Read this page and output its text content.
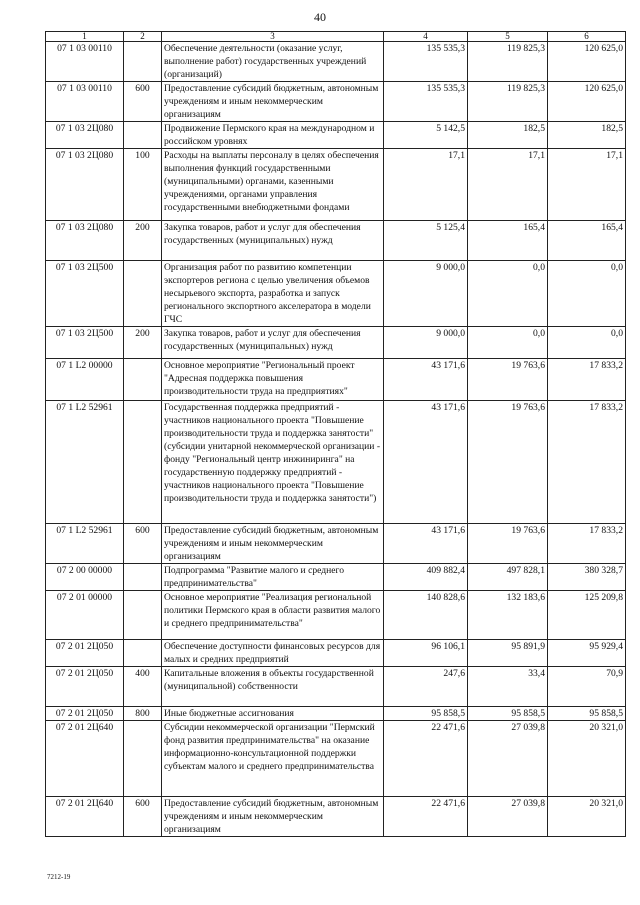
40
1	2	3	4	5	6
07 1 03 00110		Обеспечение деятельности (оказание услуг, выполнение работ) государственных учреждений (организаций)	135 535,3	119 825,3	120 625,0
07 1 03 00110	600	Предоставление субсидий бюджетным, автономным учреждениям и иным некоммерческим организациям	135 535,3	119 825,3	120 625,0
07 1 03 2Ц080		Продвижение Пермского края на международном и российском уровнях	5 142,5	182,5	182,5
07 1 03 2Ц080	100	Расходы на выплаты персоналу в целях обеспечения выполнения функций государственными (муниципальными) органами, казенными учреждениями, органами управления государственными внебюджетными фондами	17,1	17,1	17,1
07 1 03 2Ц080	200	Закупка товаров, работ и услуг для обеспечения государственных (муниципальных) нужд	5 125,4	165,4	165,4
07 1 03 2Ц500		Организация работ по развитию компетенции экспортеров региона с целью увеличения объемов несырьевого экспорта, разработка и запуск регионального экспортного акселератора в модели ГЧС	9 000,0	0,0	0,0
07 1 03 2Ц500	200	Закупка товаров, работ и услуг для обеспечения государственных (муниципальных) нужд	9 000,0	0,0	0,0
07 1 L2 00000		Основное мероприятие "Региональный проект "Адресная поддержка повышения производительности труда на предприятиях"	43 171,6	19 763,6	17 833,2
07 1 L2 52961		Государственная поддержка предприятий - участников национального проекта "Повышение производительности труда и поддержка занятости" (субсидии унитарной некоммерческой организации - фонду "Региональный центр инжиниринга" на государственную поддержку предприятий - участников национального проекта "Повышение производительности труда и поддержка занятости")	43 171,6	19 763,6	17 833,2
07 1 L2 52961	600	Предоставление субсидий бюджетным, автономным учреждениям и иным некоммерческим организациям	43 171,6	19 763,6	17 833,2
07 2 00 00000		Подпрограмма "Развитие малого и среднего предпринимательства"	409 882,4	497 828,1	380 328,7
07 2 01 00000		Основное мероприятие "Реализация региональной политики Пермского края в области развития малого и среднего предпринимательства"	140 828,6	132 183,6	125 209,8
07 2 01 2Ц050		Обеспечение доступности финансовых ресурсов для малых и средних предприятий	96 106,1	95 891,9	95 929,4
07 2 01 2Ц050	400	Капитальные вложения в объекты государственной (муниципальной) собственности	247,6	33,4	70,9
07 2 01 2Ц050	800	Иные бюджетные ассигнования	95 858,5	95 858,5	95 858,5
07 2 01 2Ц640		Субсидии некоммерческой организации "Пермский фонд развития предпринимательства" на оказание информационно-консультационной поддержки субъектам малого и среднего предпринимательства	22 471,6	27 039,8	20 321,0
07 2 01 2Ц640	600	Предоставление субсидий бюджетным, автономным учреждениям и иным некоммерческим организациям	22 471,6	27 039,8	20 321,0
7212-19
